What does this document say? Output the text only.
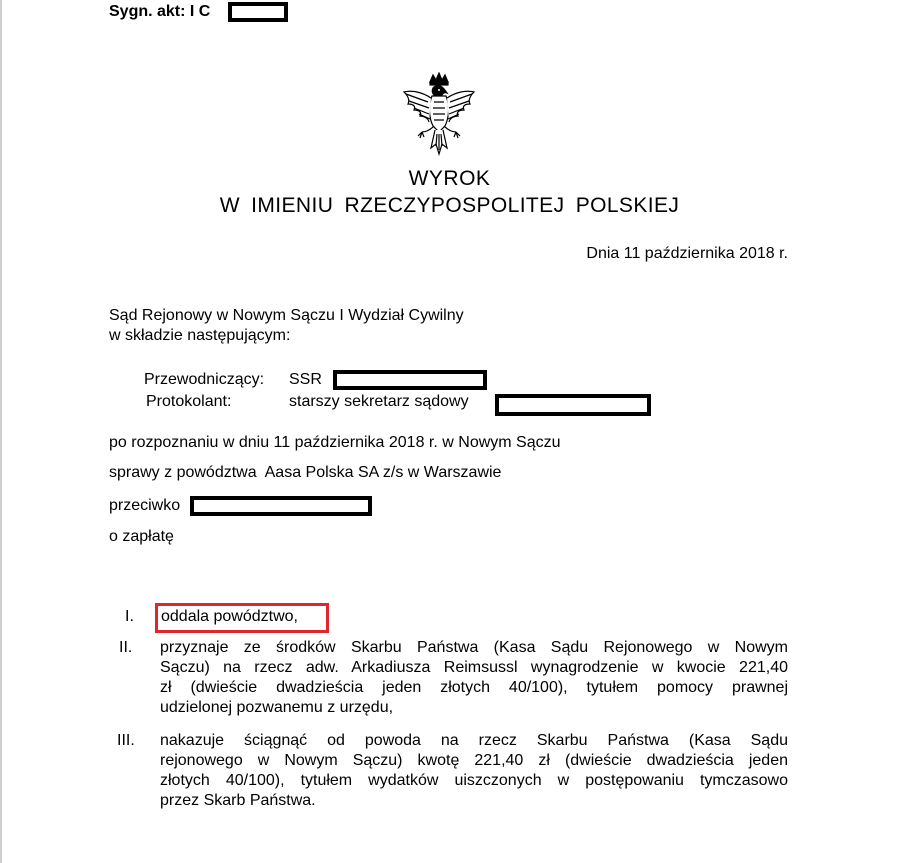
Sygn. akt: I C
WYROK
W IMIENIU RZECZYPOSPOLITEJ POLSKIEJ
Dnia 11 października 2018 r.
Sąd Rejonowy w Nowym Sączu I Wydział Cywilny
w składzie następującym:
Przewodniczący: SSR
Protokolant:	starszy sekretarz sądowy
po rozpoznaniu w dniu 11 października 2018 r. w Nowym Sączu
sprawy z powództwa  Aasa Polska SA z/s w Warszawie
przeciwko
o zapłatę
I. oddala powództwo,
II. przyznaje ze środków Skarbu Państwa (Kasa Sądu Rejonowego w Nowym
Sączu) na rzecz adw. Arkadiusza Reimsussl wynagrodzenie w kwocie 221,40
zł (dwieście dwadzieścia jeden złotych 40/100), tytułem pomocy prawnej
udzielonej pozwanemu z urzędu,
III. nakazuje ściągnąć od powoda na rzecz Skarbu Państwa (Kasa Sądu
rejonowego w Nowym Sączu) kwotę 221,40 zł (dwieście dwadzieścia jeden
złotych 40/100), tytułem wydatków uiszczonych w postępowaniu tymczasowo
przez Skarb Państwa.
